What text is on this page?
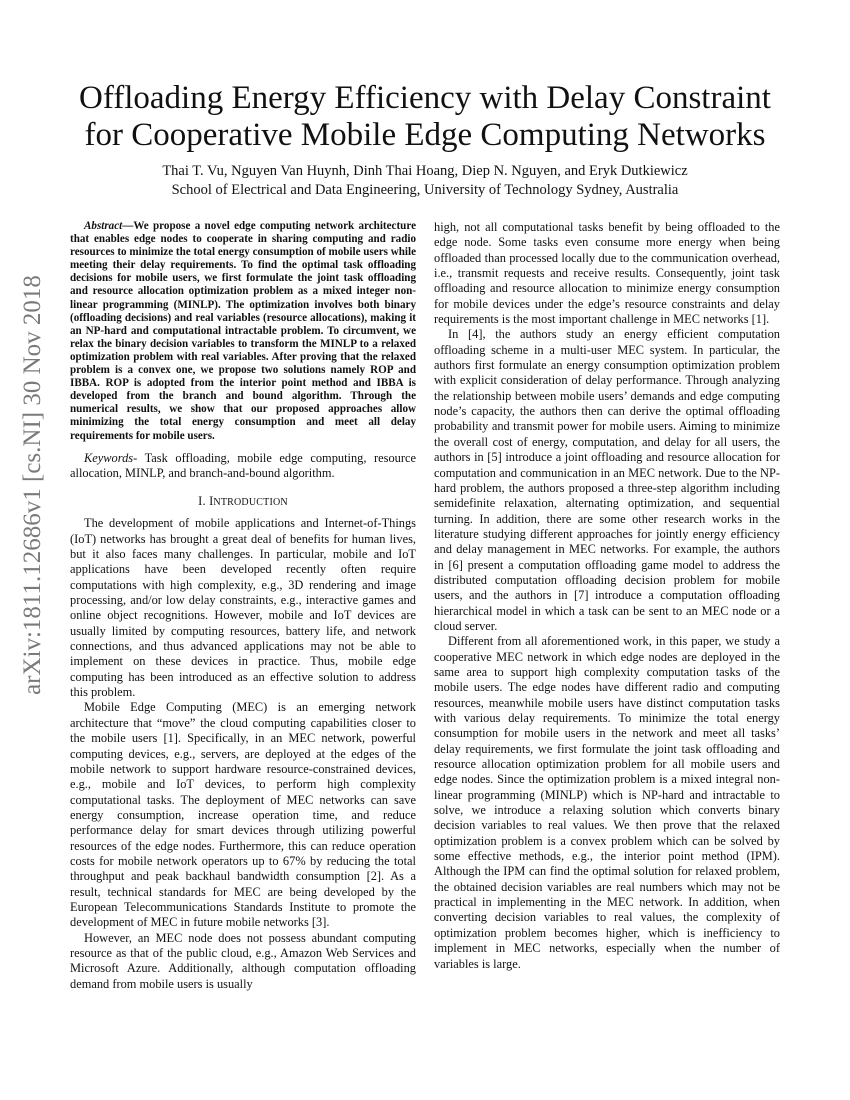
Offloading Energy Efficiency with Delay Constraint
for Cooperative Mobile Edge Computing Networks
Thai T. Vu, Nguyen Van Huynh, Dinh Thai Hoang, Diep N. Nguyen, and Eryk Dutkiewicz
School of Electrical and Data Engineering, University of Technology Sydney, Australia
arXiv:1811.12686v1 [cs.NI] 30 Nov 2018

Abstract—We propose a novel edge computing network architecture that enables edge nodes to cooperate in sharing computing and radio resources to minimize the total energy consumption of mobile users while meeting their delay requirements. To find the optimal task offloading decisions for mobile users, we first formulate the joint task offloading and resource allocation optimization problem as a mixed integer non-linear programming (MINLP). The optimization involves both binary (offloading decisions) and real variables (resource allocations), making it an NP-hard and computational intractable problem. To circumvent, we relax the binary decision variables to transform the MINLP to a relaxed optimization problem with real variables. After proving that the relaxed problem is a convex one, we propose two solutions namely ROP and IBBA. ROP is adopted from the interior point method and IBBA is developed from the branch and bound algorithm. Through the numerical results, we show that our proposed approaches allow minimizing the total energy consumption and meet all delay requirements for mobile users.

Keywords- Task offloading, mobile edge computing, resource allocation, MINLP, and branch-and-bound algorithm.

I. INTRODUCTION

The development of mobile applications and Internet-of-Things (IoT) networks has brought a great deal of benefits for human lives, but it also faces many challenges. In particular, mobile and IoT applications have been developed recently often require computations with high complexity, e.g., 3D rendering and image processing, and/or low delay constraints, e.g., interactive games and online object recognitions. However, mobile and IoT devices are usually limited by computing resources, battery life, and network connections, and thus advanced applications may not be able to implement on these devices in practice. Thus, mobile edge computing has been introduced as an effective solution to address this problem.

Mobile Edge Computing (MEC) is an emerging network architecture that “move” the cloud computing capabilities closer to the mobile users [1]. Specifically, in an MEC network, powerful computing devices, e.g., servers, are deployed at the edges of the mobile network to support hardware resource-constrained devices, e.g., mobile and IoT devices, to perform high complexity computational tasks. The deployment of MEC networks can save energy consumption, increase operation time, and reduce performance delay for smart devices through utilizing powerful resources of the edge nodes. Furthermore, this can reduce operation costs for mobile network operators up to 67% by reducing the total throughput and peak backhaul bandwidth consumption [2]. As a result, technical standards for MEC are being developed by the European Telecommunications Standards Institute to promote the development of MEC in future mobile networks [3].

However, an MEC node does not possess abundant computing resource as that of the public cloud, e.g., Amazon Web Services and Microsoft Azure. Additionally, although computation offloading demand from mobile users is usually

high, not all computational tasks benefit by being offloaded to the edge node. Some tasks even consume more energy when being offloaded than processed locally due to the communication overhead, i.e., transmit requests and receive results. Consequently, joint task offloading and resource allocation to minimize energy consumption for mobile devices under the edge’s resource constraints and delay requirements is the most important challenge in MEC networks [1].

In [4], the authors study an energy efficient computation offloading scheme in a multi-user MEC system. In particular, the authors first formulate an energy consumption optimization problem with explicit consideration of delay performance. Through analyzing the relationship between mobile users’ demands and edge computing node’s capacity, the authors then can derive the optimal offloading probability and transmit power for mobile users. Aiming to minimize the overall cost of energy, computation, and delay for all users, the authors in [5] introduce a joint offloading and resource allocation for computation and communication in an MEC network. Due to the NP-hard problem, the authors proposed a three-step algorithm including semidefinite relaxation, alternating optimization, and sequential turning. In addition, there are some other research works in the literature studying different approaches for jointly energy efficiency and delay management in MEC networks. For example, the authors in [6] present a computation offloading game model to address the distributed computation offloading decision problem for mobile users, and the authors in [7] introduce a computation offloading hierarchical model in which a task can be sent to an MEC node or a cloud server.

Different from all aforementioned work, in this paper, we study a cooperative MEC network in which edge nodes are deployed in the same area to support high complexity computation tasks of the mobile users. The edge nodes have different radio and computing resources, meanwhile mobile users have distinct computation tasks with various delay requirements. To minimize the total energy consumption for mobile users in the network and meet all tasks’ delay requirements, we first formulate the joint task offloading and resource allocation optimization problem for all mobile users and edge nodes. Since the optimization problem is a mixed integral non-linear programming (MINLP) which is NP-hard and intractable to solve, we introduce a relaxing solution which converts binary decision variables to real values. We then prove that the relaxed optimization problem is a convex problem which can be solved by some effective methods, e.g., the interior point method (IPM). Although the IPM can find the optimal solution for relaxed problem, the obtained decision variables are real numbers which may not be practical in implementing in the MEC network. In addition, when converting decision variables to real values, the complexity of optimization problem becomes higher, which is inefficiency to implement in MEC networks, especially when the number of variables is large.
